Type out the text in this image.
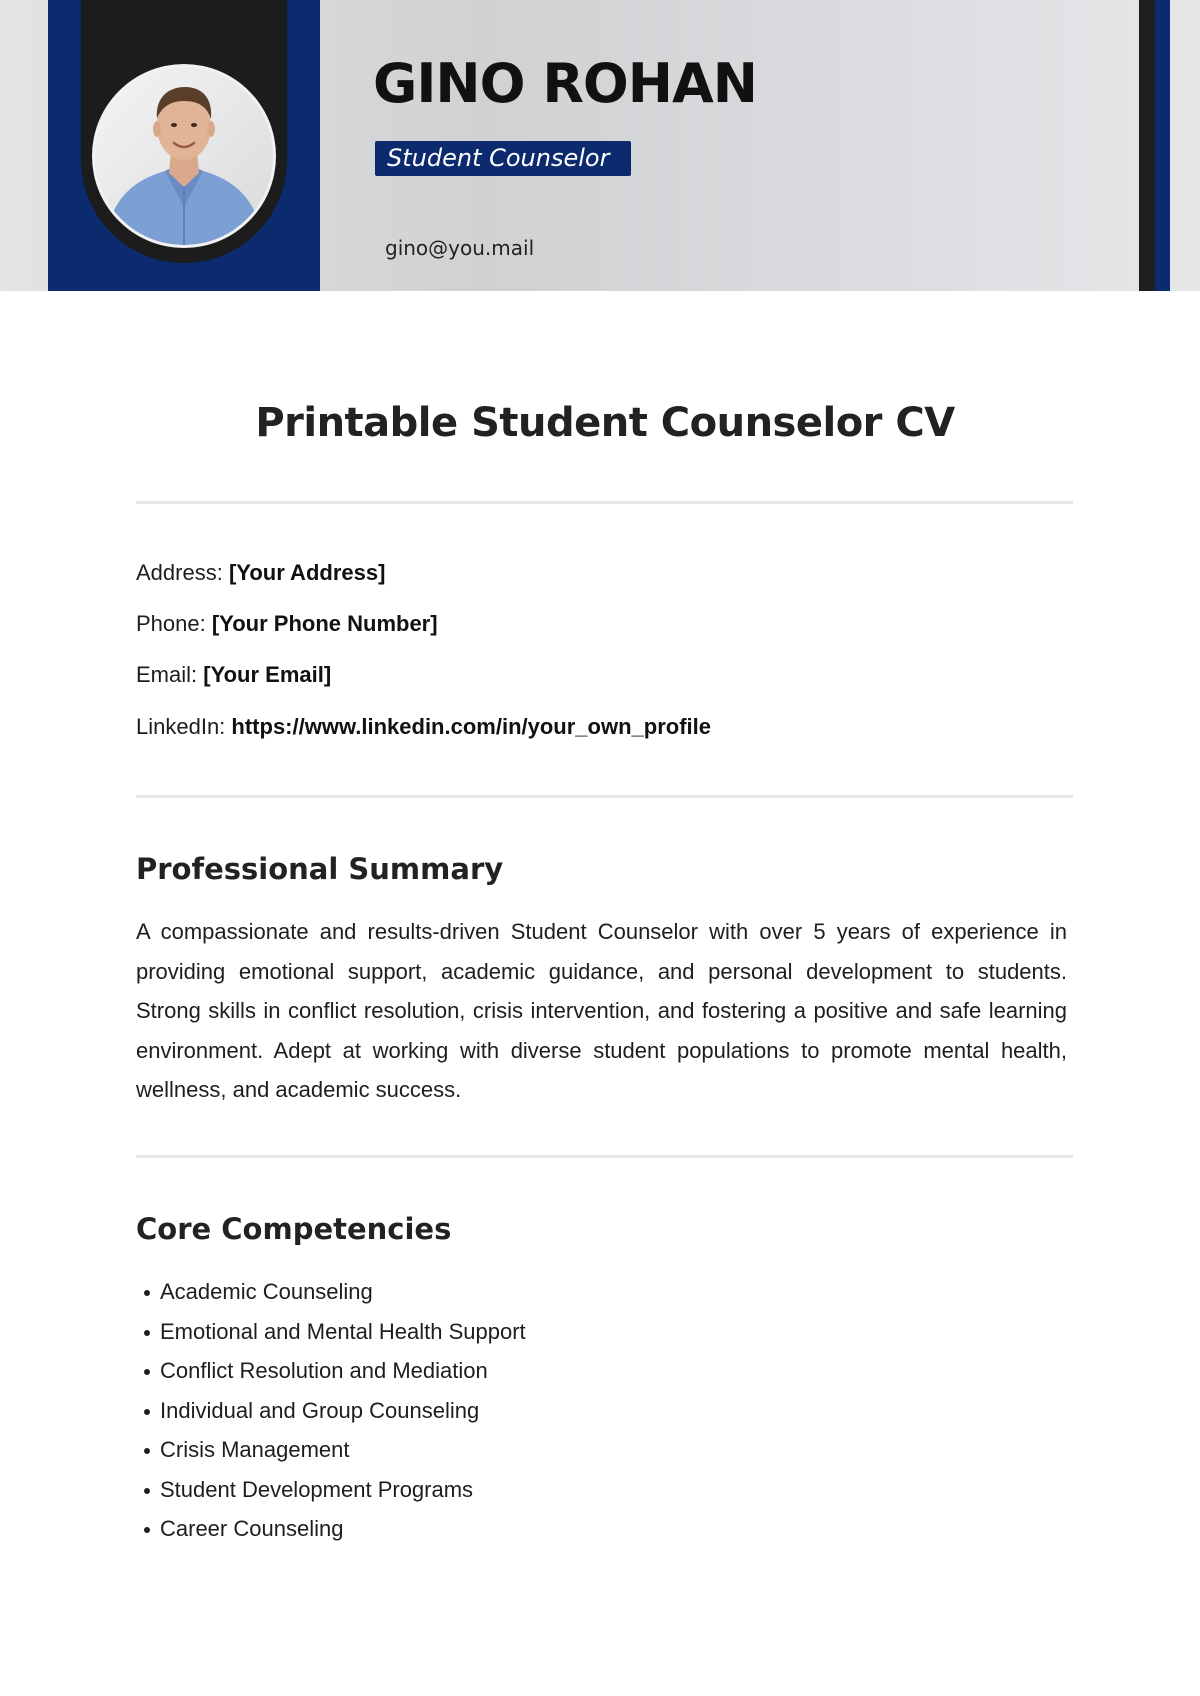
GINO ROHAN
Student Counselor
gino@you.mail
Printable Student Counselor CV
Address: [Your Address]
Phone: [Your Phone Number]
Email: [Your Email]
LinkedIn: https://www.linkedin.com/in/your_own_profile
Professional Summary

A compassionate and results-driven Student Counselor with over 5 years of experience in providing emotional support, academic guidance, and personal development to students. Strong skills in conflict resolution, crisis intervention, and fostering a positive and safe learning environment. Adept at working with diverse student populations to promote mental health, wellness, and academic success.

Core Competencies
Academic Counseling
Emotional and Mental Health Support
Conflict Resolution and Mediation
Individual and Group Counseling
Crisis Management
Student Development Programs
Career Counseling
